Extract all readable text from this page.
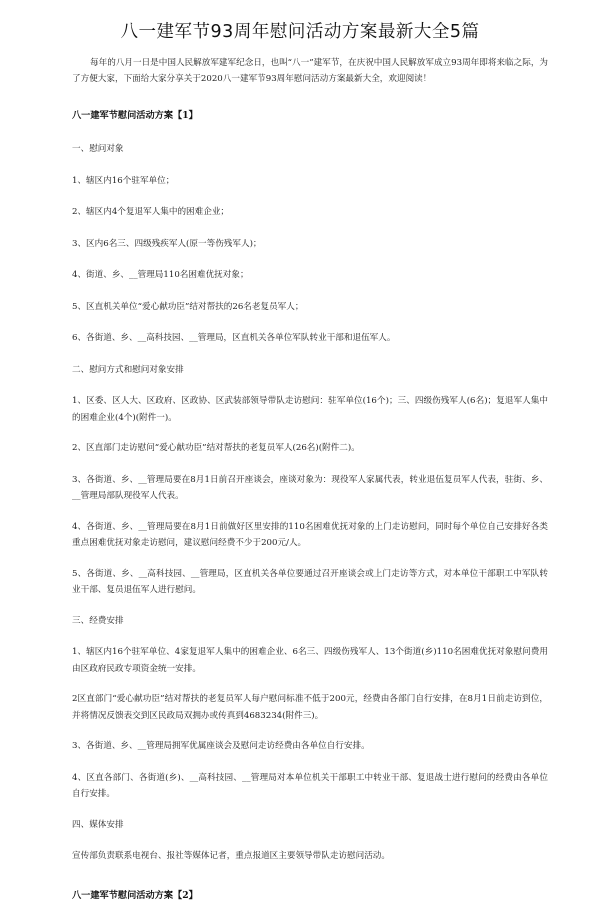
八一建军节93周年慰问活动方案最新大全5篇

每年的八月一日是中国人民解放军建军纪念日，也叫“八一”建军节，在庆祝中国人民解放军成立93周年即将来临之际，为了方便大家，下面给大家分享关于2020八一建军节93周年慰问活动方案最新大全，欢迎阅读！

八一建军节慰问活动方案【1】

一、慰问对象

1、辖区内16个驻军单位；

2、辖区内4个复退军人集中的困难企业；

3、区内6名三、四级残疾军人(原一等伤残军人)；

4、街道、乡、__管理局110名困难优抚对象；

5、区直机关单位“爱心献功臣”结对帮扶的26名老复员军人；

6、各街道、乡、__高科技园、__管理局，区直机关各单位军队转业干部和退伍军人。

二、慰问方式和慰问对象安排

1、区委、区人大、区政府、区政协、区武装部领导带队走访慰问：驻军单位(16个)；三、四级伤残军人(6名)；复退军人集中的困难企业(4个)(附件一)。

2、区直部门走访慰问“爱心献功臣”结对帮扶的老复员军人(26名)(附件二)。

3、各街道、乡、__管理局要在8月1日前召开座谈会，座谈对象为：现役军人家属代表，转业退伍复员军人代表，驻街、乡、__管理局部队现役军人代表。

4、各街道、乡、__管理局要在8月1日前做好区里安排的110名困难优抚对象的上门走访慰问，同时每个单位自己安排好各类重点困难优抚对象走访慰问，建议慰问经费不少于200元/人。

5、各街道、乡、__高科技园、__管理局，区直机关各单位要通过召开座谈会或上门走访等方式，对本单位干部职工中军队转业干部、复员退伍军人进行慰问。

三、经费安排

1、辖区内16个驻军单位、4家复退军人集中的困难企业、6名三、四级伤残军人、13个街道(乡)110名困难优抚对象慰问费用由区政府民政专项资金统一安排。

2区直部门“爱心献功臣”结对帮扶的老复员军人每户慰问标准不低于200元，经费由各部门自行安排，在8月1日前走访到位，并将情况反馈表交到区民政局双拥办或传真到4683234(附件三)。

3、各街道、乡、__管理局拥军优属座谈会及慰问走访经费由各单位自行安排。

4、区直各部门、各街道(乡)、__高科技园、__管理局对本单位机关干部职工中转业干部、复退战士进行慰问的经费由各单位自行安排。

四、媒体安排

宣传部负责联系电视台、报社等媒体记者，重点报道区主要领导带队走访慰问活动。

八一建军节慰问活动方案【2】
